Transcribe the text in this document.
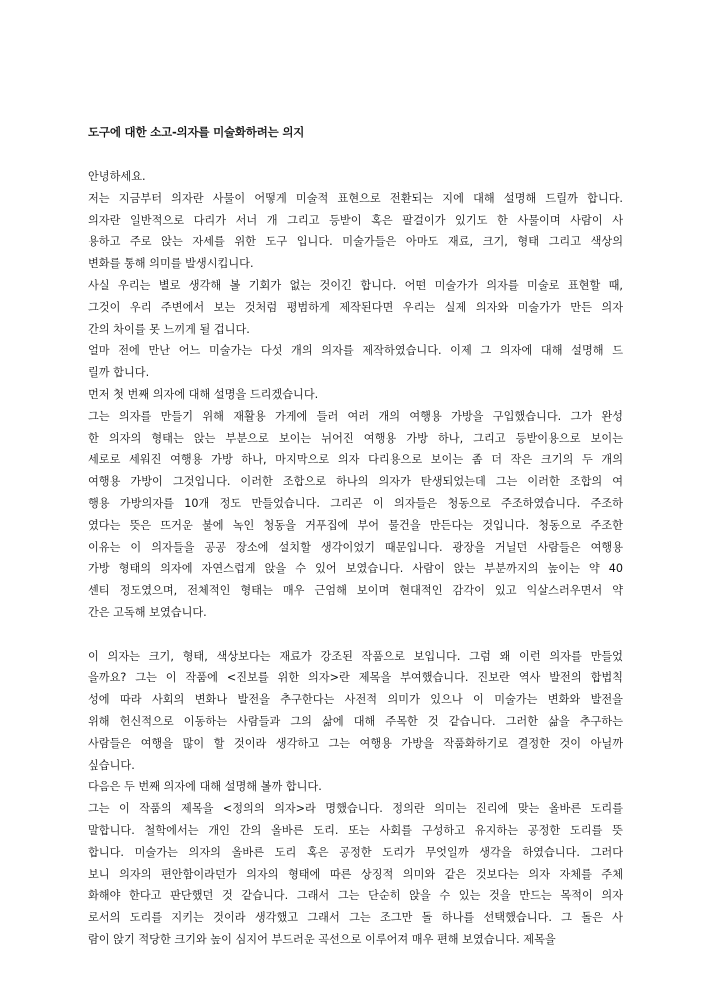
도구에 대한 소고-의자를 미술화하려는 의지
안녕하세요.
저는 지금부터 의자란 사물이 어떻게 미술적 표현으로 전환되는 지에 대해 설명해 드릴까 합니다.
의자란 일반적으로 다리가 서너 개 그리고 등받이 혹은 팔걸이가 있기도 한 사물이며 사람이 사
용하고 주로 앉는 자세를 위한 도구 입니다. 미술가들은 아마도 재료, 크기, 형태 그리고 색상의
변화를 통해 의미를 발생시킵니다.
사실 우리는 별로 생각해 볼 기회가 없는 것이긴 합니다. 어떤 미술가가 의자를 미술로 표현할 때,
그것이 우리 주변에서 보는 것처럼 평범하게 제작된다면 우리는 실제 의자와 미술가가 만든 의자
간의 차이를 못 느끼게 될 겁니다.
얼마 전에 만난 어느 미술가는 다섯 개의 의자를 제작하였습니다. 이제 그 의자에 대해 설명해 드
릴까 합니다.
먼저 첫 번째 의자에 대해 설명을 드리겠습니다.
그는 의자를 만들기 위해 재활용 가게에 들러 여러 개의 여행용 가방을 구입했습니다. 그가 완성
한 의자의 형태는 앉는 부분으로 보이는 뉘어진 여행용 가방 하나, 그리고 등받이용으로 보이는
세로로 세워진 여행용 가방 하나, 마지막으로 의자 다리용으로 보이는 좀 더 작은 크기의 두 개의
여행용 가방이 그것입니다. 이러한 조합으로 하나의 의자가 탄생되었는데 그는 이러한 조합의 여
행용 가방의자를 10개 정도 만들었습니다. 그리곤 이 의자들은 청동으로 주조하였습니다. 주조하
였다는 뜻은 뜨거운 불에 녹인 청동을 거푸집에 부어 물건을 만든다는 것입니다. 청동으로 주조한
이유는 이 의자들을 공공 장소에 설치할 생각이었기 때문입니다. 광장을 거닐던 사람들은 여행용
가방 형태의 의자에 자연스럽게 앉을 수 있어 보였습니다. 사람이 앉는 부분까지의 높이는 약 40
센티 정도였으며, 전체적인 형태는 매우 근엄해 보이며 현대적인 감각이 있고 익살스러우면서 약
간은 고독해 보였습니다.
이 의자는 크기, 형태, 색상보다는 재료가 강조된 작품으로 보입니다. 그럼 왜 이런 의자를 만들었
을까요? 그는 이 작품에 <진보를 위한 의자>란 제목을 부여했습니다. 진보란 역사 발전의 합법칙
성에 따라 사회의 변화나 발전을 추구한다는 사전적 의미가 있으나 이 미술가는 변화와 발전을
위해 헌신적으로 이동하는 사람들과 그의 삶에 대해 주목한 것 같습니다. 그러한 삶을 추구하는
사람들은 여행을 많이 할 것이라 생각하고 그는 여행용 가방을 작품화하기로 결정한 것이 아닐까
싶습니다.
다음은 두 번째 의자에 대해 설명해 볼까 합니다.
그는 이 작품의 제목을 <정의의 의자>라 명했습니다. 정의란 의미는 진리에 맞는 올바른 도리를
말합니다. 철학에서는 개인 간의 올바른 도리. 또는 사회를 구성하고 유지하는 공정한 도리를 뜻
합니다. 미술가는 의자의 올바른 도리 혹은 공정한 도리가 무엇일까 생각을 하였습니다. 그러다
보니 의자의 편안함이라던가 의자의 형태에 따른 상징적 의미와 같은 것보다는 의자 자체를 주체
화해야 한다고 판단했던 것 같습니다. 그래서 그는 단순히 앉을 수 있는 것을 만드는 목적이 의자
로서의 도리를 지키는 것이라 생각했고 그래서 그는 조그만 돌 하나를 선택했습니다. 그 돌은 사
람이 앉기 적당한 크기와 높이 심지어 부드러운 곡선으로 이루어져 매우 편해 보였습니다. 제목을
